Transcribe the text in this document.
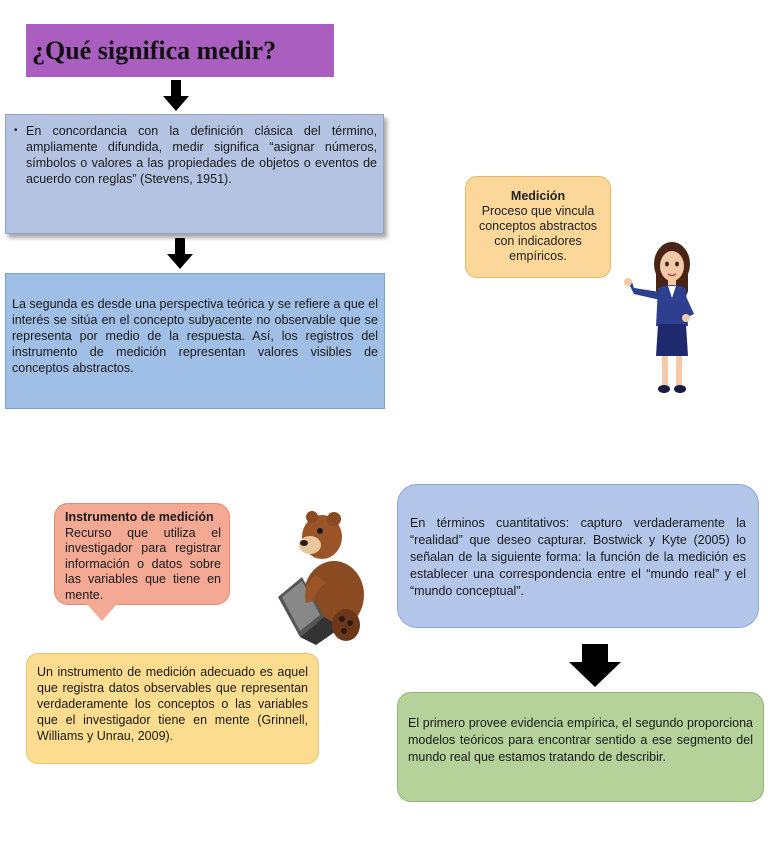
¿Qué significa medir?
• En concordancia con la definición clásica del término, ampliamente difundida, medir significa “asignar números, símbolos o valores a las propiedades de objetos o eventos de acuerdo con reglas” (Stevens, 1951).
La segunda es desde una perspectiva teórica y se refiere a que el interés se sitúa en el concepto subyacente no observable que se representa por medio de la respuesta. Así, los registros del instrumento de medición representan valores visibles de conceptos abstractos.
Medición
Proceso que vincula conceptos abstractos con indicadores empíricos.
Instrumento de medición
Recurso que utiliza el investigador para registrar información o datos sobre las variables que tiene en mente.
Un instrumento de medición adecuado es aquel que registra datos observables que representan verdaderamente los conceptos o las variables que el investigador tiene en mente (Grinnell, Williams y Unrau, 2009).
En términos cuantitativos: capturo verdaderamente la “realidad” que deseo capturar. Bostwick y Kyte (2005) lo señalan de la siguiente forma: la función de la medición es establecer una correspondencia entre el “mundo real” y el “mundo conceptual”.
El primero provee evidencia empírica, el segundo proporciona modelos teóricos para encontrar sentido a ese segmento del mundo real que estamos tratando de describir.
